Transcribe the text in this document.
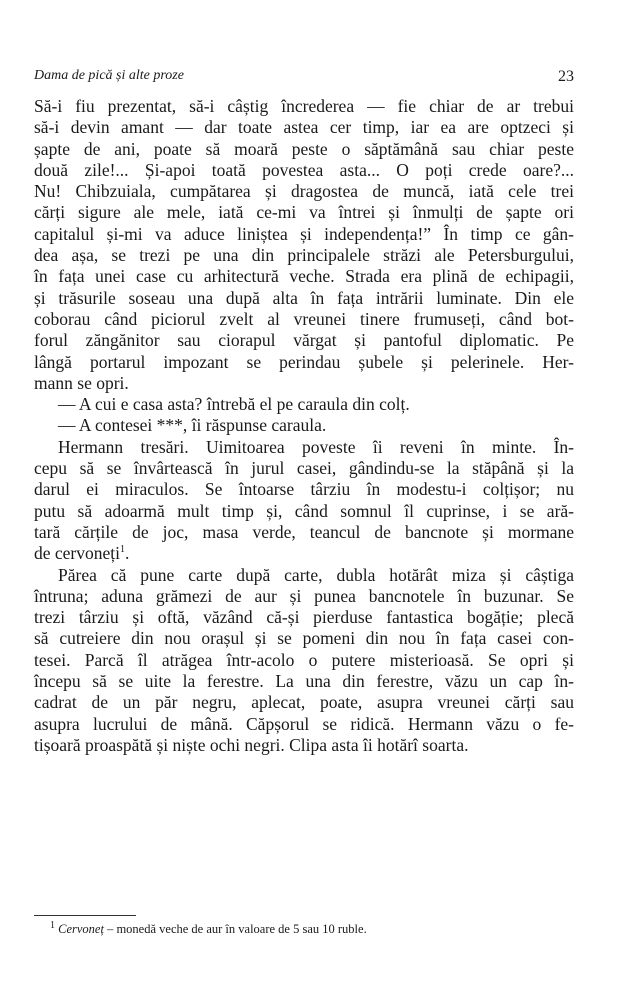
Dama de pică și alte proze	23
Să-i fiu prezentat, să-i câștig încrederea — fie chiar de ar trebui
să-i devin amant — dar toate astea cer timp, iar ea are optzeci și
șapte de ani, poate să moară peste o săptămână sau chiar peste
două zile!... Și-apoi toată povestea asta... O poți crede oare?...
Nu! Chibzuiala, cumpătarea și dragostea de muncă, iată cele trei
cărți sigure ale mele, iată ce-mi va întrei și înmulți de șapte ori
capitalul și-mi va aduce liniștea și independența!” În timp ce gân-
dea așa, se trezi pe una din principalele străzi ale Petersburgului,
în fața unei case cu arhitectură veche. Strada era plină de echipagii,
și trăsurile soseau una după alta în fața intrării luminate. Din ele
coborau când piciorul zvelt al vreunei tinere frumuseți, când bot-
forul zăngănitor sau ciorapul vărgat și pantoful diplomatic. Pe
lângă portarul impozant se perindau șubele și pelerinele. Her-
mann se opri.
— A cui e casa asta? întrebă el pe caraula din colț.
— A contesei ***, îi răspunse caraula.
Hermann tresări. Uimitoarea poveste îi reveni în minte. În-
cepu să se învârtească în jurul casei, gândindu-se la stăpână și la
darul ei miraculos. Se întoarse târziu în modestu-i colțișor; nu
putu să adoarmă mult timp și, când somnul îl cuprinse, i se ară-
tară cărțile de joc, masa verde, teancul de bancnote și mormane
de cervoneți$^1$.
Părea că pune carte după carte, dubla hotărât miza și câștiga
întruna; aduna grămezi de aur și punea bancnotele în buzunar. Se
trezi târziu și oftă, văzând că-și pierduse fantastica bogăție; plecă
să cutreiere din nou orașul și se pomeni din nou în fața casei con-
tesei. Parcă îl atrăgea într-acolo o putere misterioasă. Se opri și
începu să se uite la ferestre. La una din ferestre, văzu un cap în-
cadrat de un păr negru, aplecat, poate, asupra vreunei cărți sau
asupra lucrului de mână. Căpșorul se ridică. Hermann văzu o fe-
tișoară proaspătă și niște ochi negri. Clipa asta îi hotărî soarta.
$^1$ Cervoneț – monedă veche de aur în valoare de 5 sau 10 ruble.
